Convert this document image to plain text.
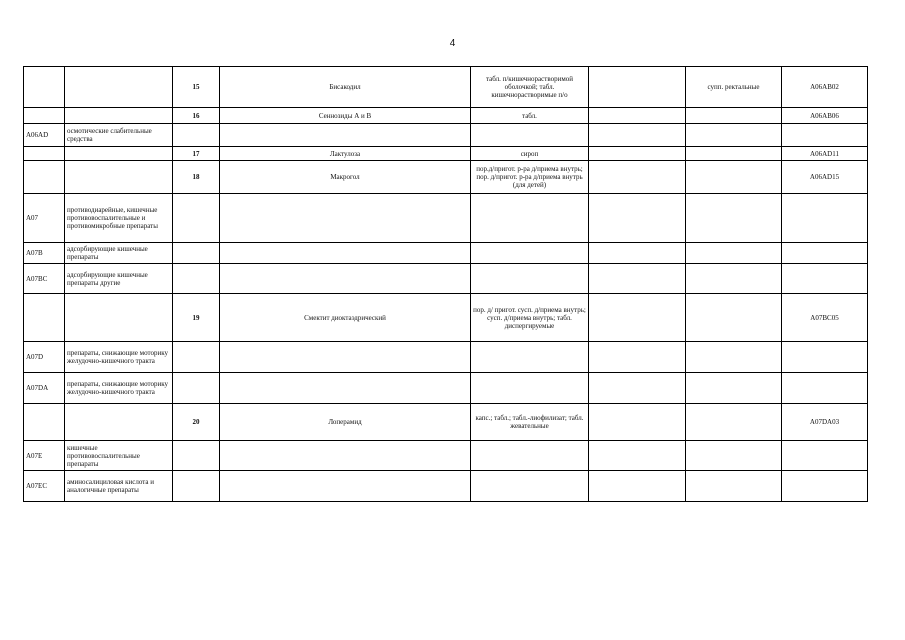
4
		15	Бисакодил	табл. п/кишечнорастворимой оболочкой; табл. кишечнорастворимые п/о		супп. ректальные	A06AB02
		16	Сеннозиды А и В	табл.			A06AB06
A06AD	осмотические слабительные средства						
		17	Лактулоза	сироп			A06AD11
		18	Макрогол	пор.д/пригот. р-ра д/приема внутрь; пор. д/пригот. р-ра д/приема внутрь (для детей)			A06AD15
A07	противодиарейные, кишечные противовоспалительные и противомикробные препараты						
A07B	адсорбирующие кишечные препараты						
A07BC	адсорбирующие кишечные препараты другие						
		19	Смектит диоктаэдрический	пор. д/ пригот. сусп. д/приема внутрь; сусп. д/приема внутрь; табл. диспергируемые			A07BC05
A07D	препараты, снижающие моторику желудочно-кишечного тракта						
A07DA	препараты, снижающие моторику желудочно-кишечного тракта						
		20	Лоперамид	капс.; табл.; табл.-лиофилизат; табл. жевательные			A07DA03
A07E	кишечные противовоспалительные препараты						
A07EC	аминосалициловая кислота и аналогичные препараты						
